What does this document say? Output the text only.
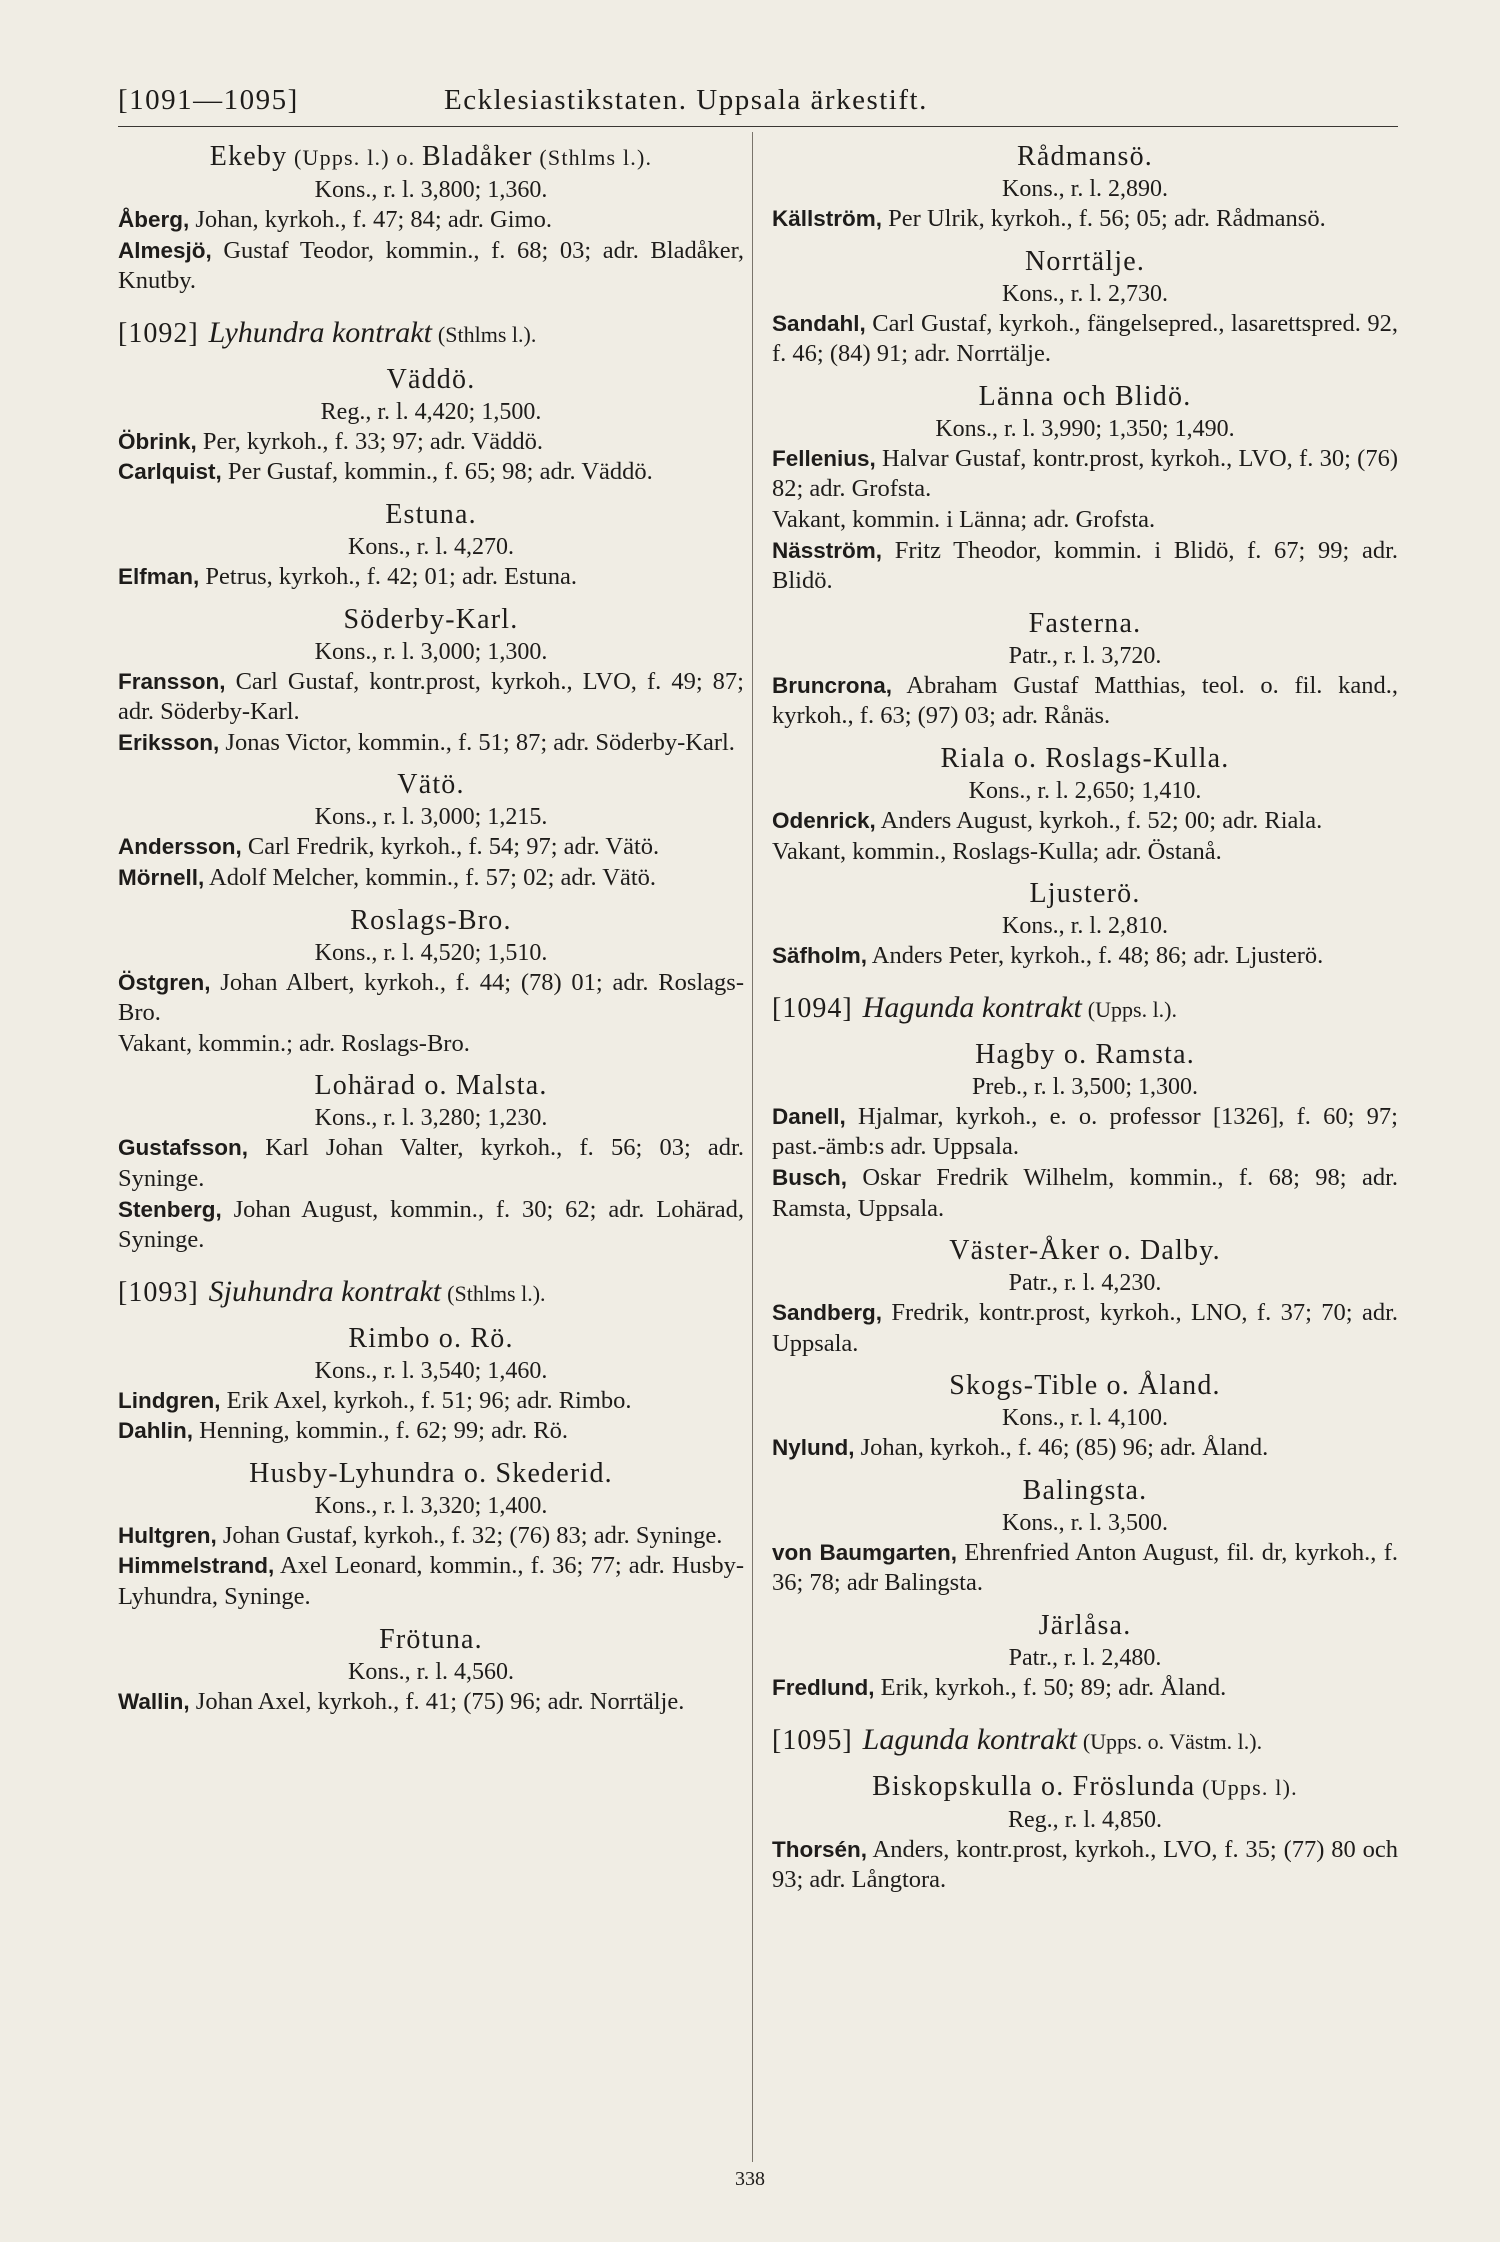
[1091—1095]	Ecklesiastikstaten. Uppsala ärkestift.
Ekeby (Upps. l.) o. Bladåker (Sthlms l.).
Kons., r. l. 3,800; 1,360.
Åberg, Johan, kyrkoh., f. 47; 84; adr. Gimo.
Almesjö, Gustaf Teodor, kommin., f. 68; 03; adr. Bladåker, Knutby.
[1092] Lyhundra kontrakt (Sthlms l.).
Väddö.
Reg., r. l. 4,420; 1,500.
Öbrink, Per, kyrkoh., f. 33; 97; adr. Väddö.
Carlquist, Per Gustaf, kommin., f. 65; 98; adr. Väddö.
Estuna.
Kons., r. l. 4,270.
Elfman, Petrus, kyrkoh., f. 42; 01; adr. Estuna.
Söderby-Karl.
Kons., r. l. 3,000; 1,300.
Fransson, Carl Gustaf, kontr.prost, kyrkoh., LVO, f. 49; 87; adr. Söderby-Karl.
Eriksson, Jonas Victor, kommin., f. 51; 87; adr. Söderby-Karl.
Vätö.
Kons., r. l. 3,000; 1,215.
Andersson, Carl Fredrik, kyrkoh., f. 54; 97; adr. Vätö.
Mörnell, Adolf Melcher, kommin., f. 57; 02; adr. Vätö.
Roslags-Bro.
Kons., r. l. 4,520; 1,510.
Östgren, Johan Albert, kyrkoh., f. 44; (78) 01; adr. Roslags-Bro.
Vakant, kommin.; adr. Roslags-Bro.
Lohärad o. Malsta.
Kons., r. l. 3,280; 1,230.
Gustafsson, Karl Johan Valter, kyrkoh., f. 56; 03; adr. Syninge.
Stenberg, Johan August, kommin., f. 30; 62; adr. Lohärad, Syninge.
[1093] Sjuhundra kontrakt (Sthlms l.).
Rimbo o. Rö.
Kons., r. l. 3,540; 1,460.
Lindgren, Erik Axel, kyrkoh., f. 51; 96; adr. Rimbo.
Dahlin, Henning, kommin., f. 62; 99; adr. Rö.
Husby-Lyhundra o. Skederid.
Kons., r. l. 3,320; 1,400.
Hultgren, Johan Gustaf, kyrkoh., f. 32; (76) 83; adr. Syninge.
Himmelstrand, Axel Leonard, kommin., f. 36; 77; adr. Husby-Lyhundra, Syninge.
Frötuna.
Kons., r. l. 4,560.
Wallin, Johan Axel, kyrkoh., f. 41; (75) 96; adr. Norrtälje.
Rådmansö.
Kons., r. l. 2,890.
Källström, Per Ulrik, kyrkoh., f. 56; 05; adr. Rådmansö.
Norrtälje.
Kons., r. l. 2,730.
Sandahl, Carl Gustaf, kyrkoh., fängelsepred., lasarettspred. 92, f. 46; (84) 91; adr. Norrtälje.
Länna och Blidö.
Kons., r. l. 3,990; 1,350; 1,490.
Fellenius, Halvar Gustaf, kontr.prost, kyrkoh., LVO, f. 30; (76) 82; adr. Grofsta.
Vakant, kommin. i Länna; adr. Grofsta.
Näsström, Fritz Theodor, kommin. i Blidö, f. 67; 99; adr. Blidö.
Fasterna.
Patr., r. l. 3,720.
Bruncrona, Abraham Gustaf Matthias, teol. o. fil. kand., kyrkoh., f. 63; (97) 03; adr. Rånäs.
Riala o. Roslags-Kulla.
Kons., r. l. 2,650; 1,410.
Odenrick, Anders August, kyrkoh., f. 52; 00; adr. Riala.
Vakant, kommin., Roslags-Kulla; adr. Östanå.
Ljusterö.
Kons., r. l. 2,810.
Säfholm, Anders Peter, kyrkoh., f. 48; 86; adr. Ljusterö.
[1094] Hagunda kontrakt (Upps. l.).
Hagby o. Ramsta.
Preb., r. l. 3,500; 1,300.
Danell, Hjalmar, kyrkoh., e. o. professor [1326], f. 60; 97; past.-ämb:s adr. Uppsala.
Busch, Oskar Fredrik Wilhelm, kommin., f. 68; 98; adr. Ramsta, Uppsala.
Väster-Åker o. Dalby.
Patr., r. l. 4,230.
Sandberg, Fredrik, kontr.prost, kyrkoh., LNO, f. 37; 70; adr. Uppsala.
Skogs-Tible o. Åland.
Kons., r. l. 4,100.
Nylund, Johan, kyrkoh., f. 46; (85) 96; adr. Åland.
Balingsta.
Kons., r. l. 3,500.
von Baumgarten, Ehrenfried Anton August, fil. dr, kyrkoh., f. 36; 78; adr Balingsta.
Järlåsa.
Patr., r. l. 2,480.
Fredlund, Erik, kyrkoh., f. 50; 89; adr. Åland.
[1095] Lagunda kontrakt (Upps. o. Västm. l.).
Biskopskulla o. Fröslunda (Upps. l).
Reg., r. l. 4,850.
Thorsén, Anders, kontr.prost, kyrkoh., LVO, f. 35; (77) 80 och 93; adr. Långtora.
338
